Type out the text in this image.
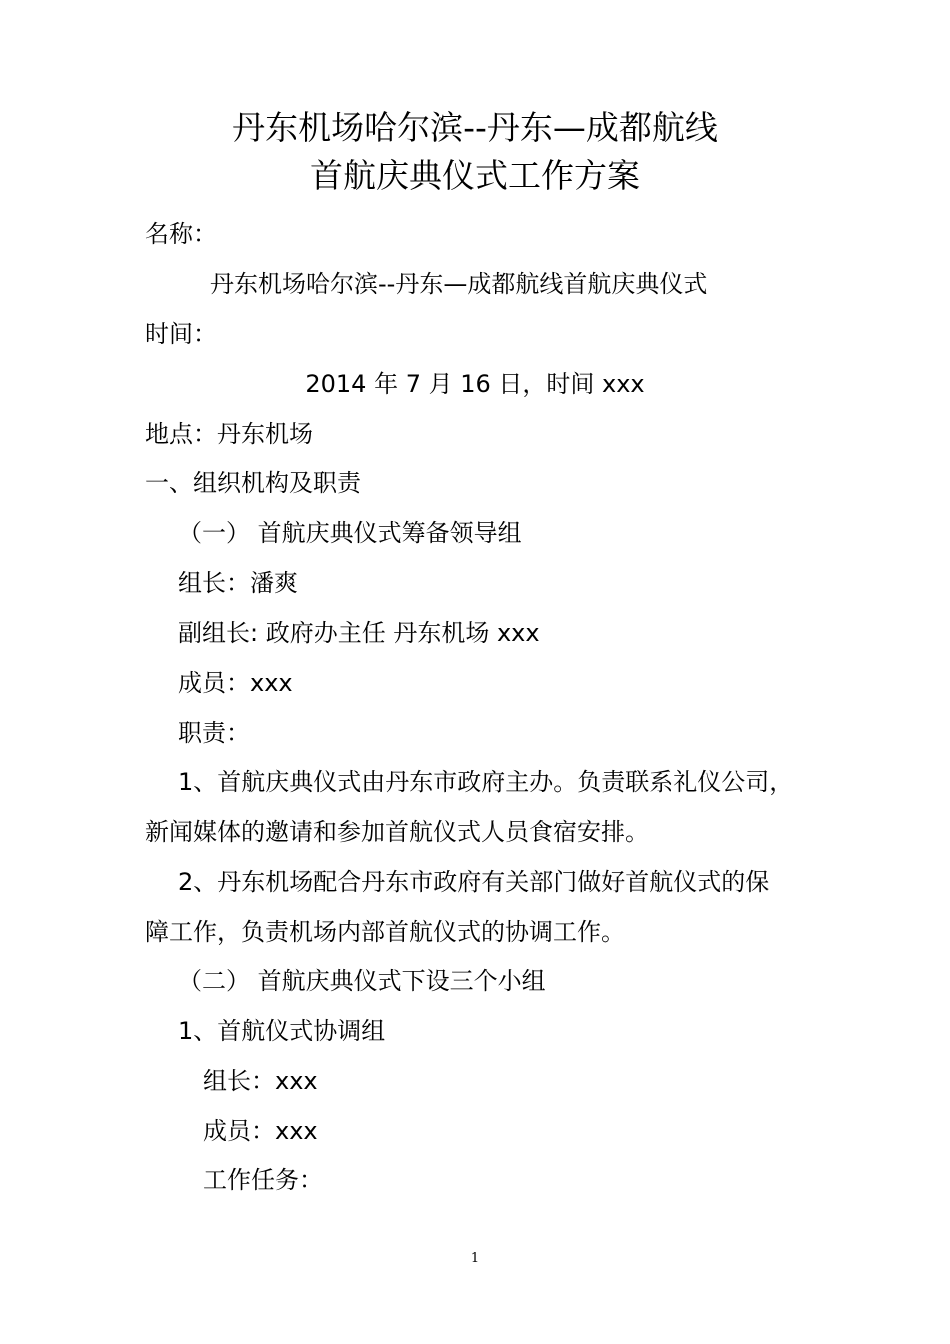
丹东机场哈尔滨--丹东—成都航线
首航庆典仪式工作方案
名称：
丹东机场哈尔滨--丹东—成都航线首航庆典仪式
时间：
2014 年 7 月 16 日，时间 xxx
地点：丹东机场
一、组织机构及职责
（一） 首航庆典仪式筹备领导组
组长：潘爽
副组长: 政府办主任 丹东机场 xxx
成员：xxx
职责：
1、首航庆典仪式由丹东市政府主办。负责联系礼仪公司，
新闻媒体的邀请和参加首航仪式人员食宿安排。
2、丹东机场配合丹东市政府有关部门做好首航仪式的保
障工作，负责机场内部首航仪式的协调工作。
（二） 首航庆典仪式下设三个小组
1、首航仪式协调组
组长：xxx
成员：xxx
工作任务：
1
